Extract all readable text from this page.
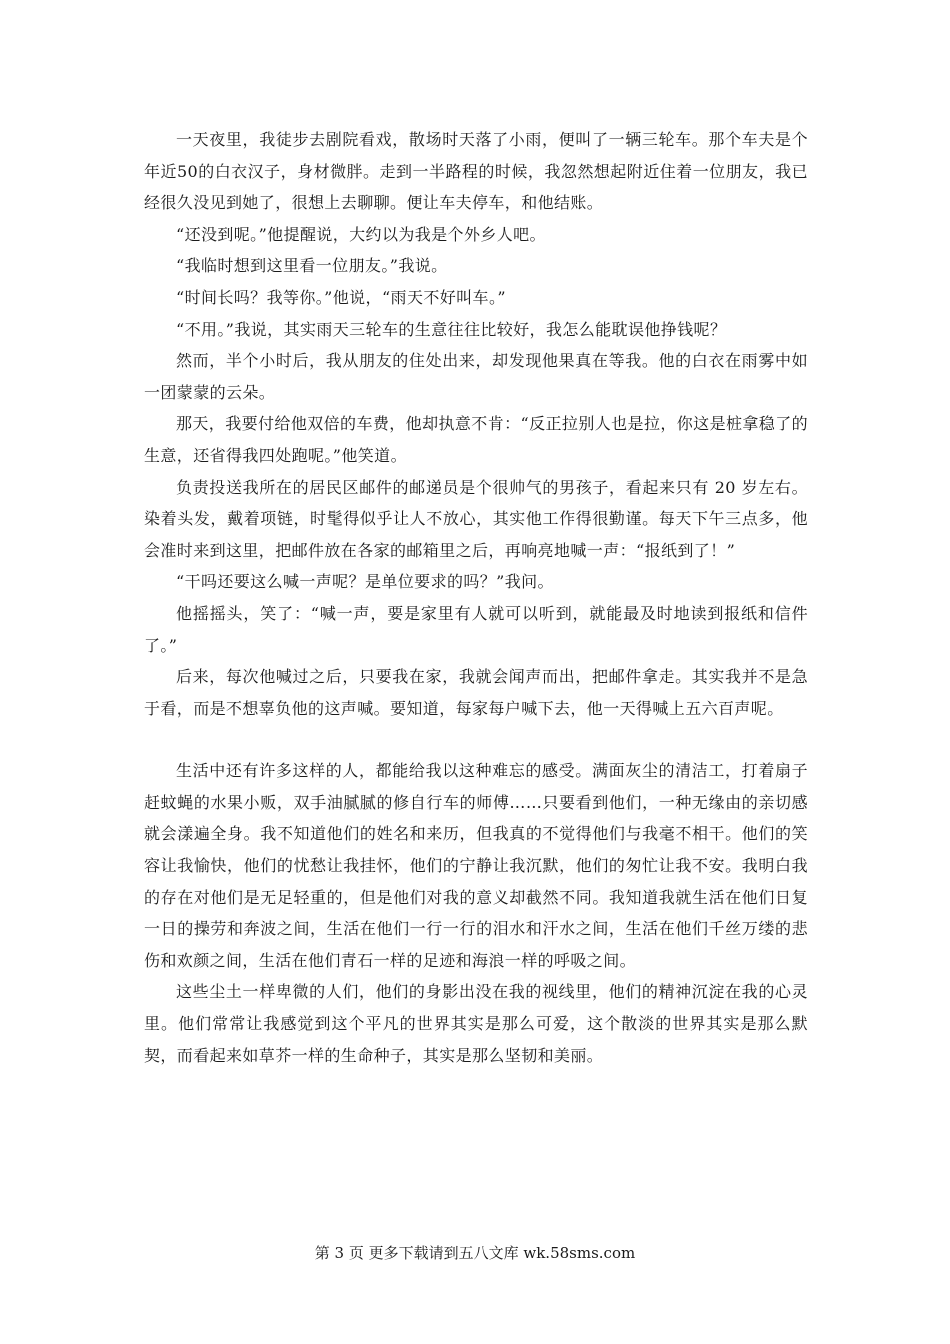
一天夜里，我徒步去剧院看戏，散场时天落了小雨，便叫了一辆三轮车。那个车夫是个年近50的白衣汉子，身材微胖。走到一半路程的时候，我忽然想起附近住着一位朋友，我已经很久没见到她了，很想上去聊聊。便让车夫停车，和他结账。

“还没到呢。”他提醒说，大约以为我是个外乡人吧。

“我临时想到这里看一位朋友。”我说。

“时间长吗？我等你。”他说，“雨天不好叫车。”

“不用。”我说，其实雨天三轮车的生意往往比较好，我怎么能耽误他挣钱呢？

然而，半个小时后，我从朋友的住处出来，却发现他果真在等我。他的白衣在雨雾中如一团蒙蒙的云朵。

那天，我要付给他双倍的车费，他却执意不肯：“反正拉别人也是拉，你这是桩拿稳了的生意，还省得我四处跑呢。”他笑道。

负责投送我所在的居民区邮件的邮递员是个很帅气的男孩子，看起来只有 20 岁左右。染着头发，戴着项链，时髦得似乎让人不放心，其实他工作得很勤谨。每天下午三点多，他会准时来到这里，把邮件放在各家的邮箱里之后，再响亮地喊一声：“报纸到了！”

“干吗还要这么喊一声呢？是单位要求的吗？”我问。

他摇摇头，笑了：“喊一声，要是家里有人就可以听到，就能最及时地读到报纸和信件了。”

后来，每次他喊过之后，只要我在家，我就会闻声而出，把邮件拿走。其实我并不是急于看，而是不想辜负他的这声喊。要知道，每家每户喊下去，他一天得喊上五六百声呢。

生活中还有许多这样的人，都能给我以这种难忘的感受。满面灰尘的清洁工，打着扇子赶蚊蝇的水果小贩，双手油腻腻的修自行车的师傅……只要看到他们，一种无缘由的亲切感就会漾遍全身。我不知道他们的姓名和来历，但我真的不觉得他们与我毫不相干。他们的笑容让我愉快，他们的忧愁让我挂怀，他们的宁静让我沉默，他们的匆忙让我不安。我明白我的存在对他们是无足轻重的，但是他们对我的意义却截然不同。我知道我就生活在他们日复一日的操劳和奔波之间，生活在他们一行一行的泪水和汗水之间，生活在他们千丝万缕的悲伤和欢颜之间，生活在他们青石一样的足迹和海浪一样的呼吸之间。

这些尘土一样卑微的人们，他们的身影出没在我的视线里，他们的精神沉淀在我的心灵里。他们常常让我感觉到这个平凡的世界其实是那么可爱，这个散淡的世界其实是那么默契，而看起来如草芥一样的生命种子，其实是那么坚韧和美丽。

第 3 页 更多下载请到五八文库 wk.58sms.com
